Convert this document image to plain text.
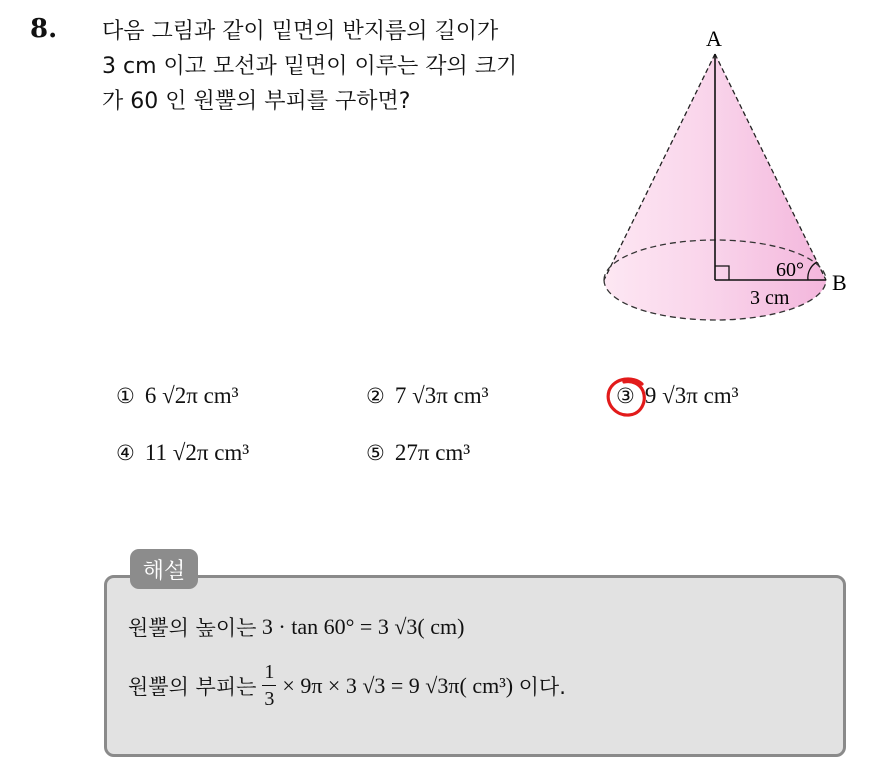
8. 다음 그림과 같이 밑면의 반지름의 길이가
3 cm 이고 모선과 밑면이 이루는 각의 크기
가 60 인 원뿔의 부피를 구하면?
A
B
60°
3 cm
① 6 √2π cm³	② 7 √3π cm³	③ 9 √3π cm³
④ 11 √2π cm³	⑤ 27π cm³
해설
원뿔의 높이는
3 · tan 60° = 3 √3( cm)
원뿔의 부피는 $\frac{1}{3} \times 9\pi \times 3$ √3 = 9 √3π( cm³)
이다.
